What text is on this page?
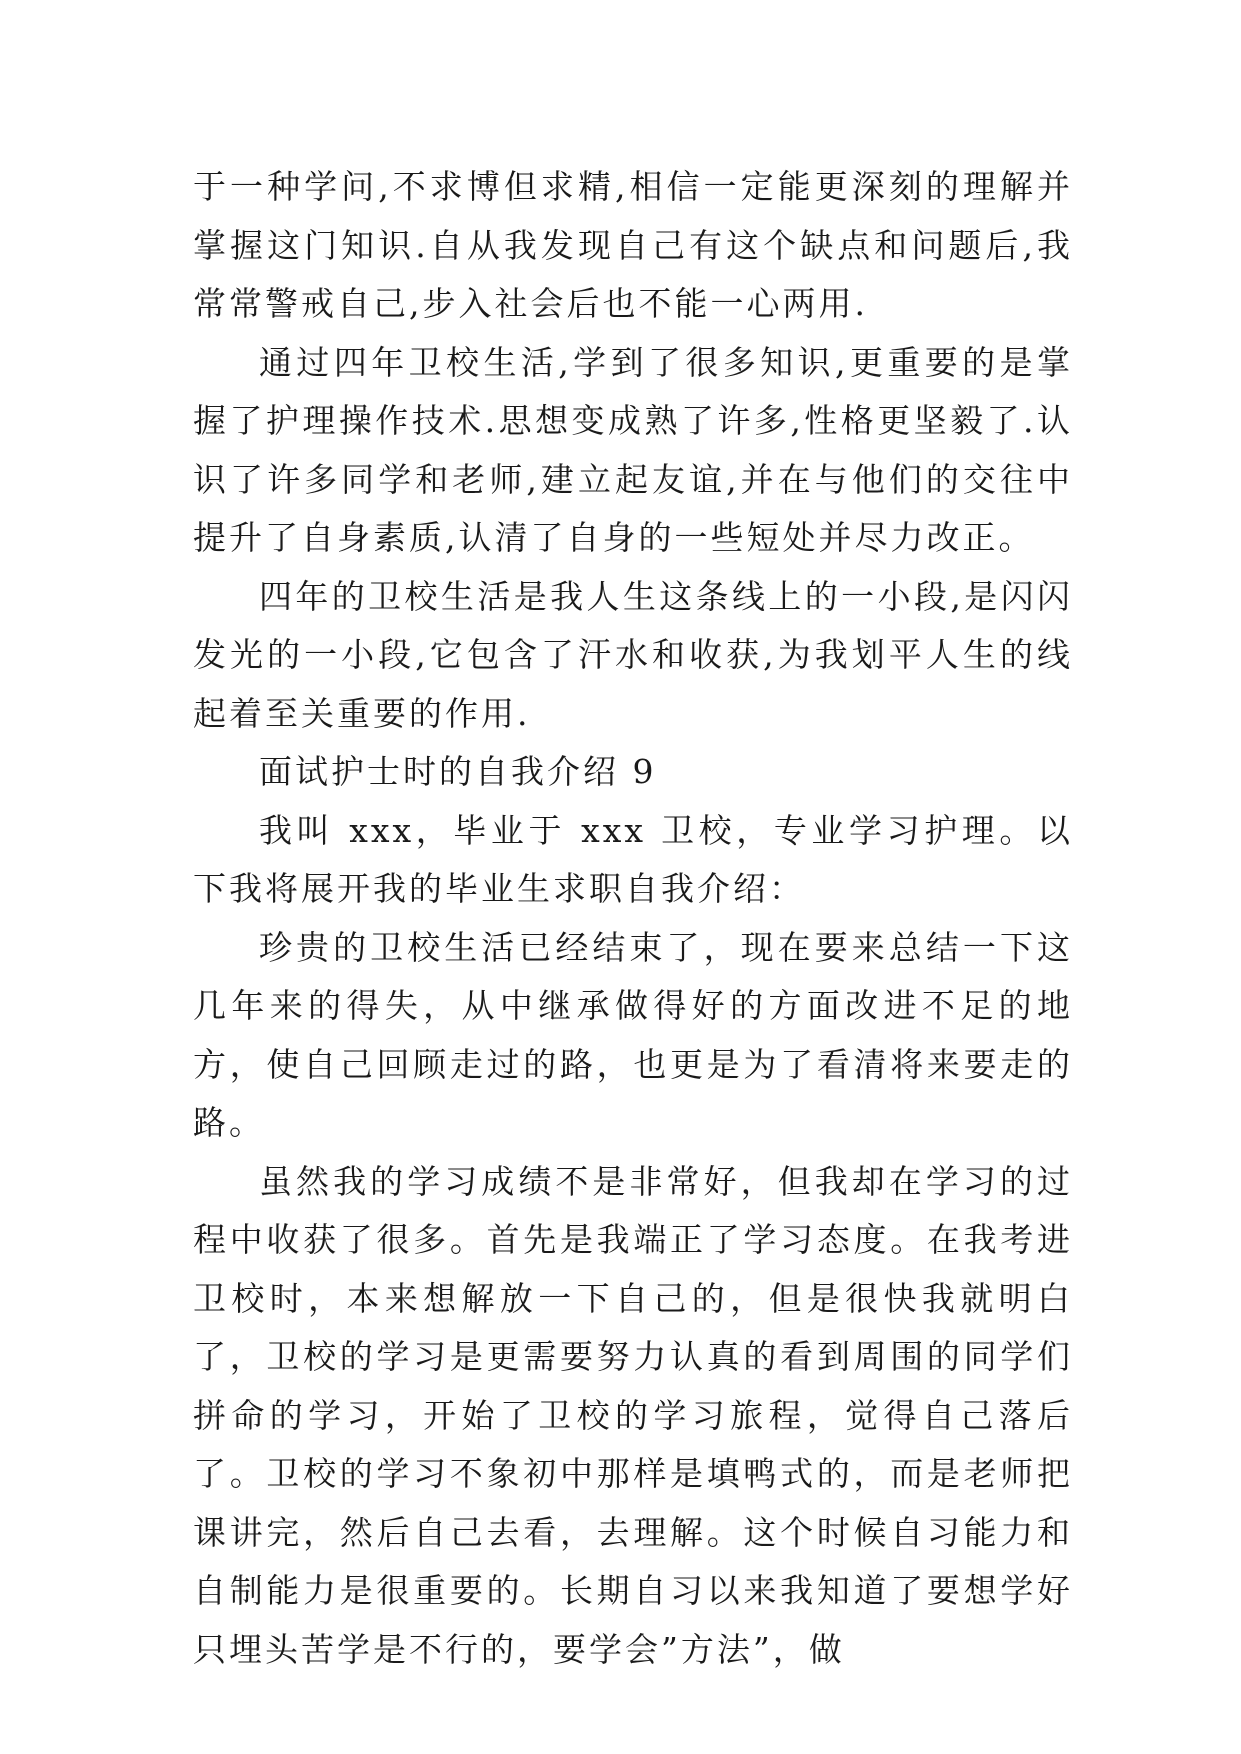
于一种学问,不求博但求精,相信一定能更深刻的理解并掌握这门知识.自从我发现自己有这个缺点和问题后,我常常警戒自己,步入社会后也不能一心两用.

通过四年卫校生活,学到了很多知识,更重要的是掌握了护理操作技术.思想变成熟了许多,性格更坚毅了.认识了许多同学和老师,建立起友谊,并在与他们的交往中提升了自身素质,认清了自身的一些短处并尽力改正。

四年的卫校生活是我人生这条线上的一小段,是闪闪发光的一小段,它包含了汗水和收获,为我划平人生的线起着至关重要的作用.

面试护士时的自我介绍 9

我叫 xxx，毕业于 xxx 卫校，专业学习护理。以下我将展开我的毕业生求职自我介绍：

珍贵的卫校生活已经结束了，现在要来总结一下这几年来的得失，从中继承做得好的方面改进不足的地方，使自己回顾走过的路，也更是为了看清将来要走的路。

虽然我的学习成绩不是非常好，但我却在学习的过程中收获了很多。首先是我端正了学习态度。在我考进卫校时，本来想解放一下自己的，但是很快我就明白了，卫校的学习是更需要努力认真的看到周围的同学们拼命的学习，开始了卫校的学习旅程，觉得自己落后了。卫校的学习不象初中那样是填鸭式的，而是老师把课讲完，然后自己去看，去理解。这个时候自习能力和自制能力是很重要的。长期自习以来我知道了要想学好只埋头苦学是不行的，要学会”方法”，做
